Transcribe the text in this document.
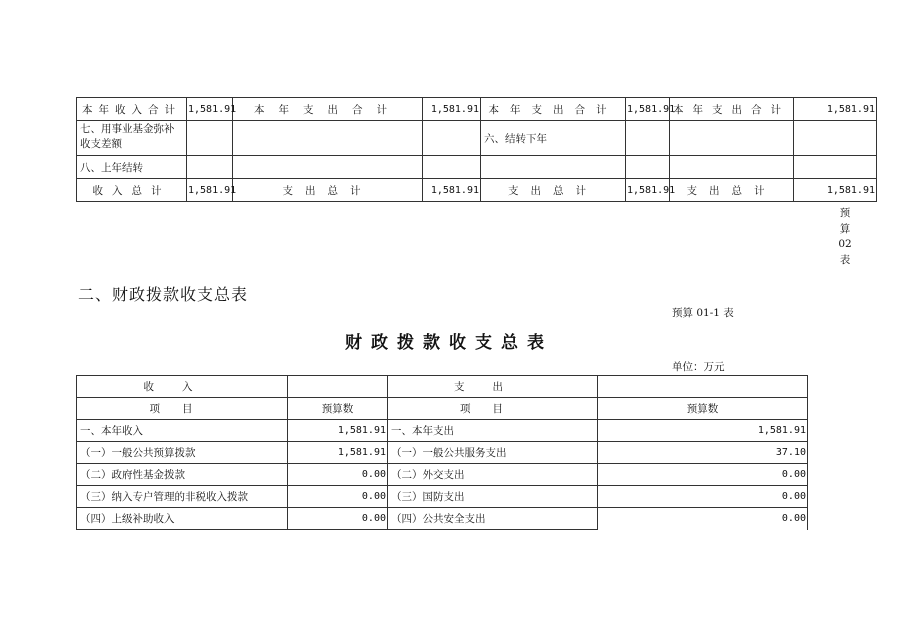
本年收入合计	1,581.91	本年支出合计	1,581.91	本年支出合计	1,581.91	本年支出合计	1,581.91
七、用事业基金弥补收支差额				六、结转下年			
八、上年结转							
收入总计	1,581.91	支出总计	1,581.91	支出总计	1,581.91	支出总计	1,581.91
预
算
02
表
二、财政拨款收支总表
预算 01-1 表
财政拨款收支总表
单位：万元
收入		支出	
项目	预算数	项目	预算数
一、本年收入	1,581.91	一、本年支出	1,581.91
（一）一般公共预算拨款	1,581.91	（一）一般公共服务支出	37.10
（二）政府性基金拨款	0.00	（二）外交支出	0.00
（三）纳入专户管理的非税收入拨款	0.00	（三）国防支出	0.00
（四）上级补助收入	0.00	（四）公共安全支出	0.00
